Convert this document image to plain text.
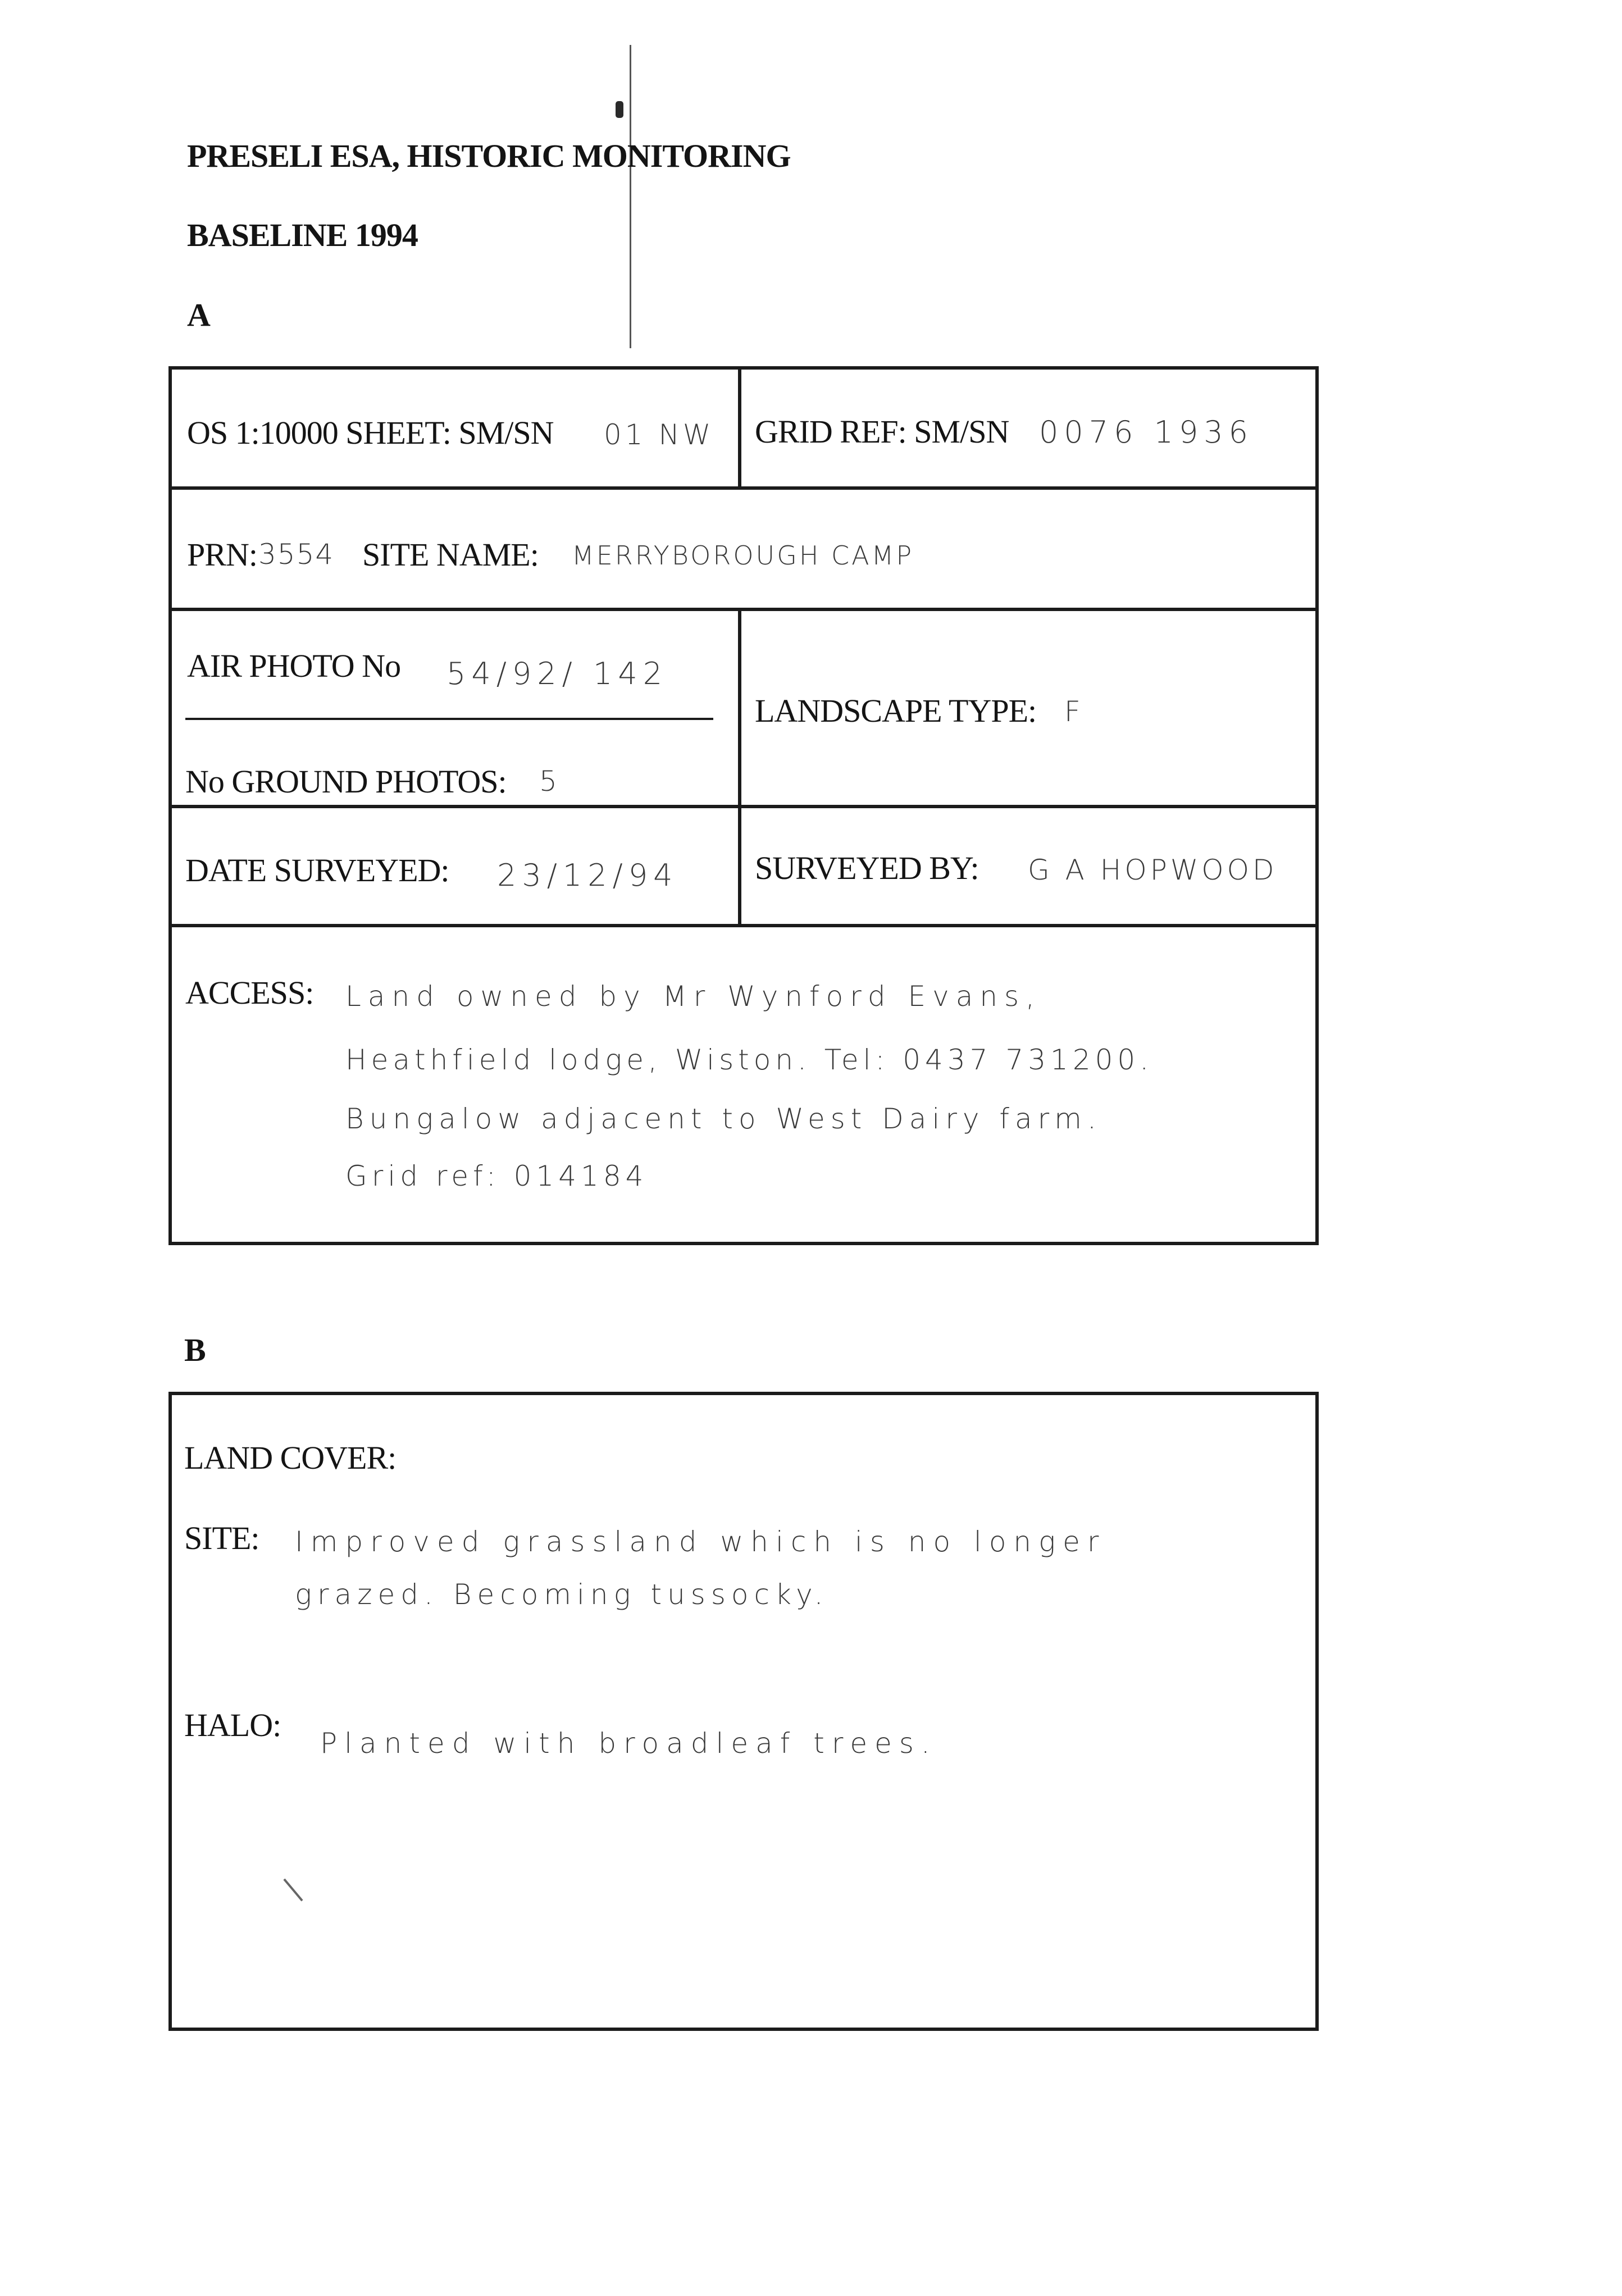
PRESELI ESA, HISTORIC MONITORING
BASELINE 1994
A
OS 1:10000 SHEET: SM/SN 01 NW GRID REF: SM/SN 0076 1936
PRN: 3554 SITE NAME: MERRYBOROUGH CAMP
AIR PHOTO No 54/92/ 142
No GROUND PHOTOS: 5
LANDSCAPE TYPE: F
DATE SURVEYED: 23/12/94 SURVEYED BY: G A HOPWOOD
ACCESS: Land owned by Mr Wynford Evans,
Heathfield lodge, Wiston. Tel: 0437 731200.
Bungalow adjacent to West Dairy farm.
Grid ref: 014184
B
LAND COVER:
SITE: Improved grassland which is no longer
grazed. Becoming tussocky.
HALO: Planted with broadleaf trees.
